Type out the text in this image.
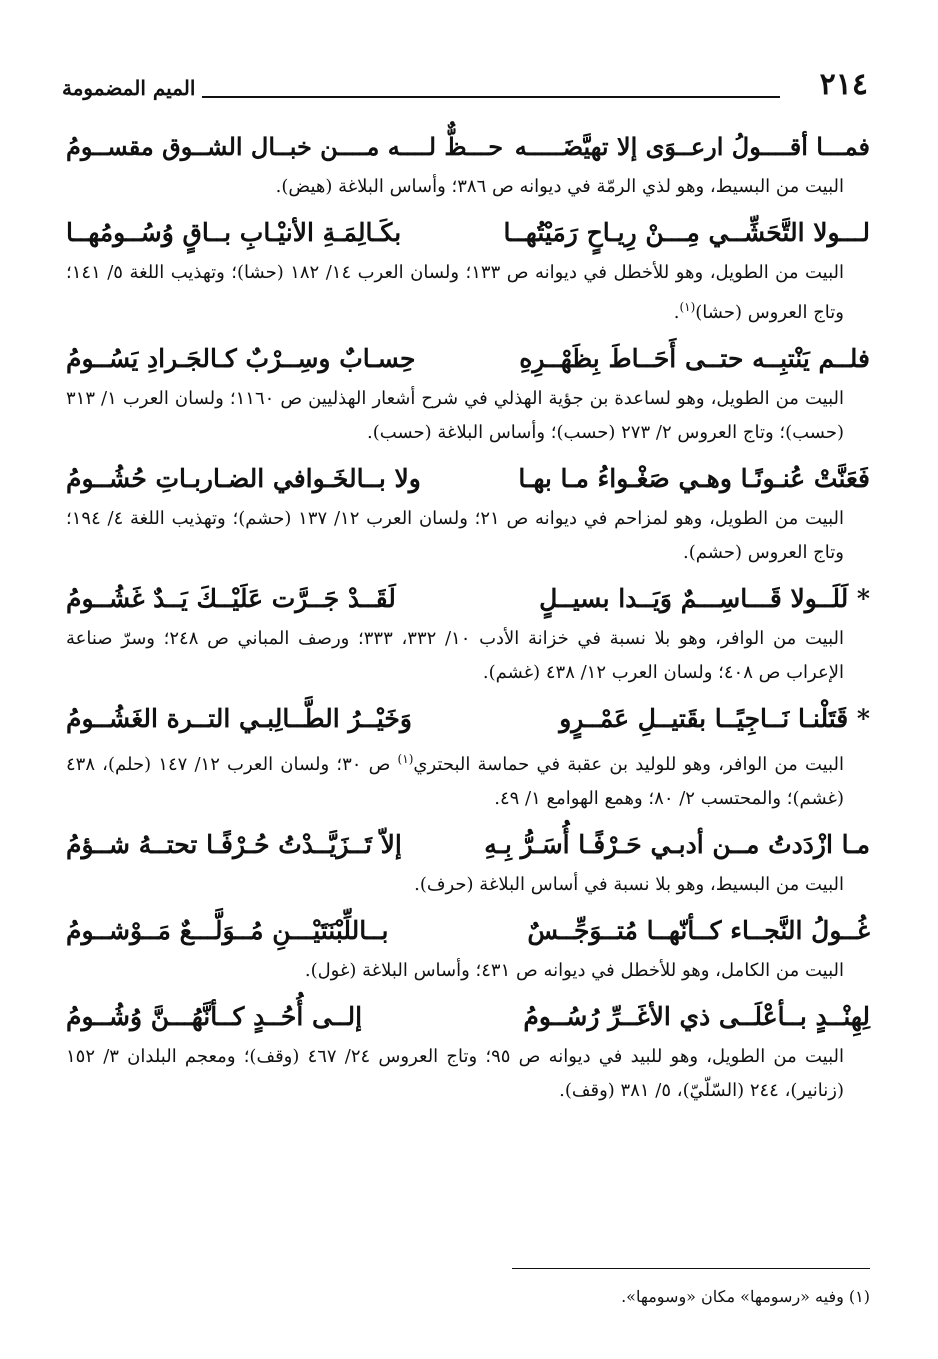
٢١٤
الميم المضمومة
فمـــا أقــــولُ ارعــوَى إلا تهيَّضَـــــه
حـــظٌّ لــــه مــــن خبــال الشــوق مقســومُ

البيت من البسيط، وهو لذي الرمّة في ديوانه ص ٣٨٦؛ وأساس البلاغة (هيض).

لـــولا التَّحَشِّــي مِـــنْ رِيـاحٍ رَمَيْتُهــا
بكَـالِمَـةِ الأنيْـابِ بــاقٍ وُسُــومُهــا

البيت من الطويل، وهو للأخطل في ديوانه ص ١٣٣؛ ولسان العرب ١٤/ ١٨٢ (حشا)؛ وتهذيب اللغة ٥/ ١٤١؛ وتاج العروس (حشا)$^{(١)}$.

فلــم يَنْتبِــه حتــى أَحَــاطَ بِظَهْــرِهِ
حِسـابٌ وسِــرْبٌ كـالجَـرادِ يَسُــومُ

البيت من الطويل، وهو لساعدة بن جؤية الهذلي في شرح أشعار الهذليين ص ١١٦٠؛ ولسان العرب ١/ ٣١٣ (حسب)؛ وتاج العروس ٢/ ٢٧٣ (حسب)؛ وأساس البلاغة (حسب).

فَعَنَّتْ عُنـونًـا وهـي صَغْـواءُ مـا بهـا
ولا بــالخَـوافي الضـاربـاتِ حُشُــومُ

البيت من الطويل، وهو لمزاحم في ديوانه ص ٢١؛ ولسان العرب ١٢/ ١٣٧ (حشم)؛ وتهذيب اللغة ٤/ ١٩٤؛ وتاج العروس (حشم).

* لَلَــولا قَـــاسِـــمٌ وَيَــدا بسيــلٍ
لَقَــدْ جَــرَّت عَلَيْــكَ يَــدٌ غَشُــومُ

البيت من الوافر، وهو بلا نسبة في خزانة الأدب ١٠/ ٣٣٢، ٣٣٣؛ ورصف المباني ص ٢٤٨؛ وسرّ صناعة الإعراب ص ٤٠٨؛ ولسان العرب ١٢/ ٤٣٨ (غشم).

* قَتَلْنـا نَــاجِيًــا بقَتيــلِ عَمْــرٍو
وَخَيْــرُ الطَّــالِبـي التــرة الغَشُــومُ

البيت من الوافر، وهو للوليد بن عقبة في حماسة البحتري$^{(١)}$ ص ٣٠؛ ولسان العرب ١٢/ ١٤٧ (حلم)، ٤٣٨ (غشم)؛ والمحتسب ٢/ ٨٠؛ وهمع الهوامع ١/ ٤٩.

مـا ازْدَدتُ مــن أدبـي حَـرْفًـا أُسَـرُّ بِـهِ
إلاّ تَــزَيَّــدْتُ حُـرْفًـا تحتــهُ شــؤمُ

البيت من البسيط، وهو بلا نسبة في أساس البلاغة (حرف).

غُــولُ النَّجــاء كــأنّهــا مُتــوَجِّــسٌ
بــاللِّبْنَتَيْـــنِ مُــوَلَّـــعٌ مَــوْشــومُ

البيت من الكامل، وهو للأخطل في ديوانه ص ٤٣١؛ وأساس البلاغة (غول).

لِهِنْــدٍ بــأعْلَــى ذي الأغَــرِّ رُسُــومُ
إلــى أُحُــدٍ كــأنَّهُـــنَّ وُشُــومُ

البيت من الطويل، وهو للبيد في ديوانه ص ٩٥؛ وتاج العروس ٢٤/ ٤٦٧ (وقف)؛ ومعجم البلدان ٣/ ١٥٢ (زنانير)، ٢٤٤ (السّلّيّ)، ٥/ ٣٨١ (وقف).

(١) وفيه «رسومها» مكان «وسومها».
